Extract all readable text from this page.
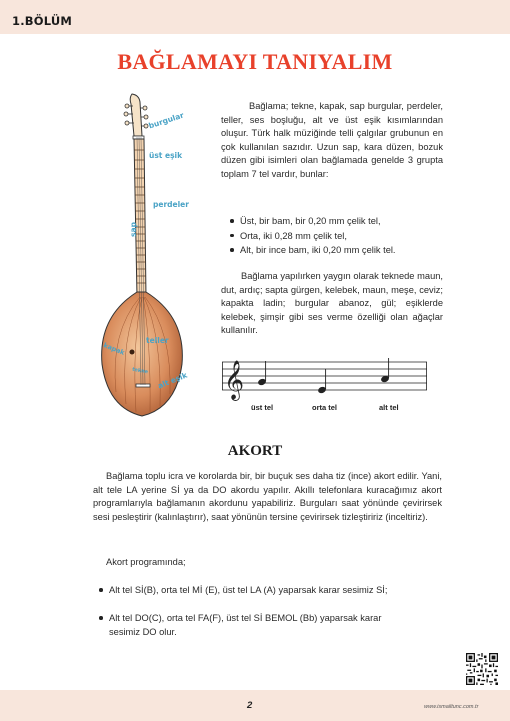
1.BÖLÜM
BAĞLAMAYI TANIYALIM
burgular
üst eşik
perdeler
sap
teller
kapak
tekne alt eşik

Bağlama; tekne, kapak, sap burgular, perdeler, teller, ses boşluğu, alt ve üst eşik kısımlarından oluşur. Türk halk müziğinde telli çalgılar grubunun en çok kullanılan sazıdır. Uzun sap, kara düzen, bozuk düzen gibi isimleri olan bağlamada genelde 3 grupta toplam 7 tel vardır, bunlar:

Üst, bir bam, bir 0,20 mm çelik tel,
Orta, iki 0,28 mm çelik tel,
Alt, bir ince bam, iki 0,20 mm çelik tel.

Bağlama yapılırken yaygın olarak teknede maun, dut, ardıç; sapta gürgen, kelebek, maun, meşe, ceviz; kapakta ladin; burgular abanoz, gül; eşiklerde kelebek, şimşir gibi ses verme özelliği olan ağaçlar kullanılır.

𝄞
üst tel	orta tel	alt tel
AKORT

Bağlama toplu icra ve korolarda bir, bir buçuk ses daha tiz (ince) akort edilir. Yani, alt tele LA yerine Sİ ya da DO akordu yapılır. Akıllı telefonlara kuracağımız akort programlarıyla bağlamanın akordunu yapabiliriz. Burguları saat yönünde çevirirsek sesi pesleştirir (kalınlaştırır), saat yönünün tersine çevirirsek tizleştiririz (inceltiriz).

Akort programında;
Alt tel Sİ(B), orta tel Mİ (E), üst tel LA (A) yaparsak karar sesimiz Sİ;
Alt tel DO(C), orta tel FA(F), üst tel Sİ BEMOL (Bb) yaparsak karar
sesimiz DO olur.
2	www.ismailtunc.com.tr
